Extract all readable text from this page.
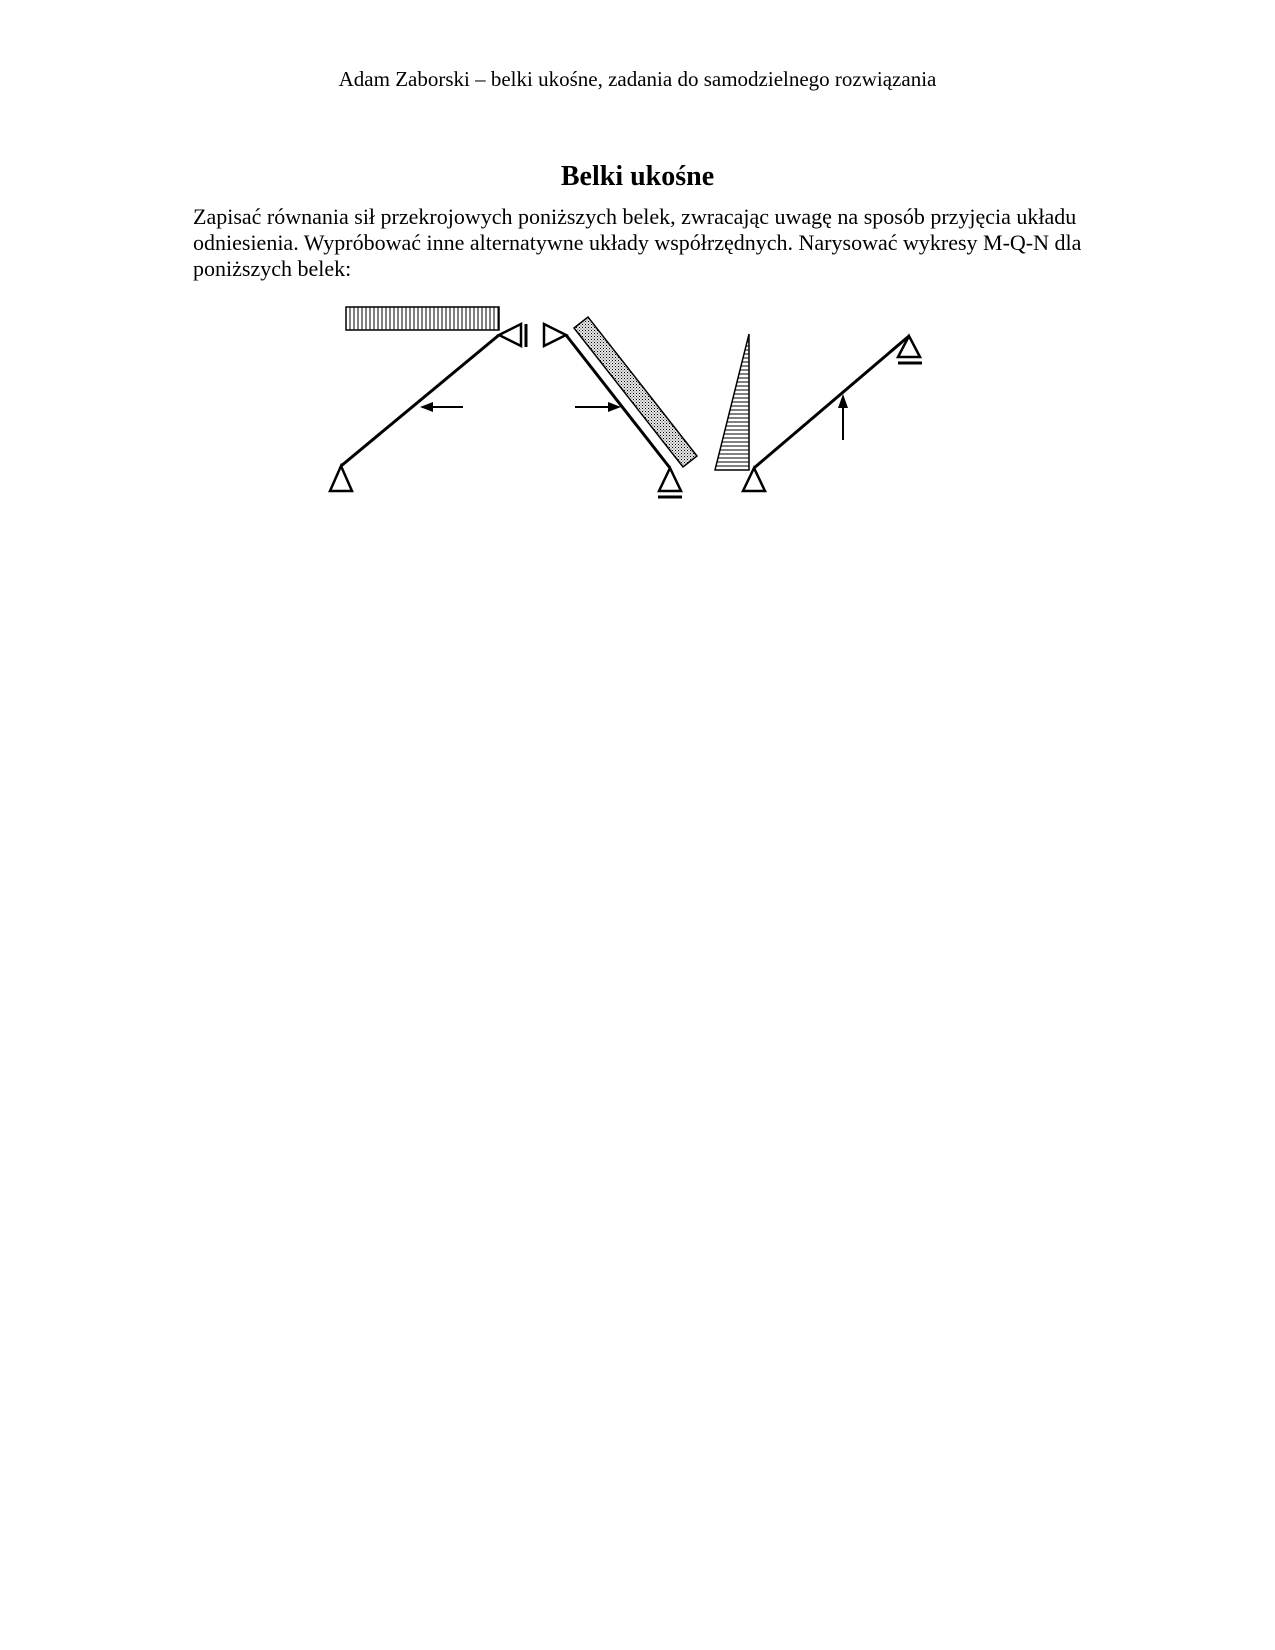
Adam Zaborski – belki ukośne, zadania do samodzielnego rozwiązania
Belki ukośne

Zapisać równania sił przekrojowych poniższych belek, zwracając uwagę na sposób przyjęcia układu odniesienia. Wypróbować inne alternatywne układy współrzędnych. Narysować wykresy M-Q-N dla poniższych belek:
